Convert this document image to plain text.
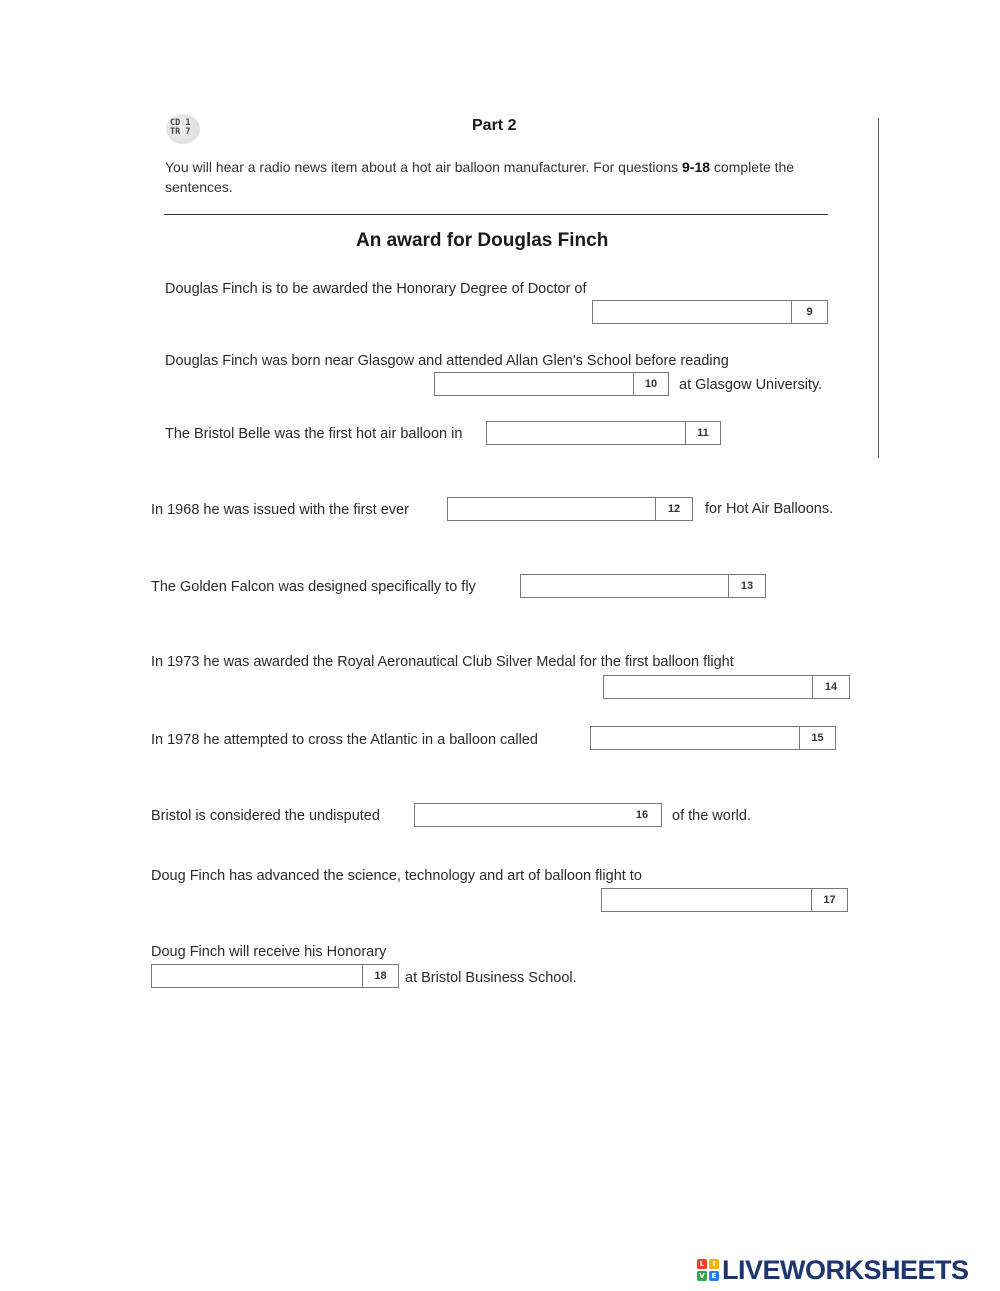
CD 1
TR 7	Part 2
You will hear a radio news item about a hot air balloon manufacturer. For questions 9-18 complete the sentences.
An award for Douglas Finch
Douglas Finch is to be awarded the Honorary Degree of Doctor of
9
Douglas Finch was born near Glasgow and attended Allan Glen's School before reading
10	at Glasgow University.
The Bristol Belle was the first hot air balloon in	11
In 1968 he was issued with the first ever	12	for Hot Air Balloons.
The Golden Falcon was designed specifically to fly	13
In 1973 he was awarded the Royal Aeronautical Club Silver Medal for the first balloon flight
14
In 1978 he attempted to cross the Atlantic in a balloon called	15
Bristol is considered the undisputed	16	of the world.
Doug Finch has advanced the science, technology and art of balloon flight to
17
Doug Finch will receive his Honorary
18	at Bristol Business School.
L	I
V E LIVEWORKSHEETS
